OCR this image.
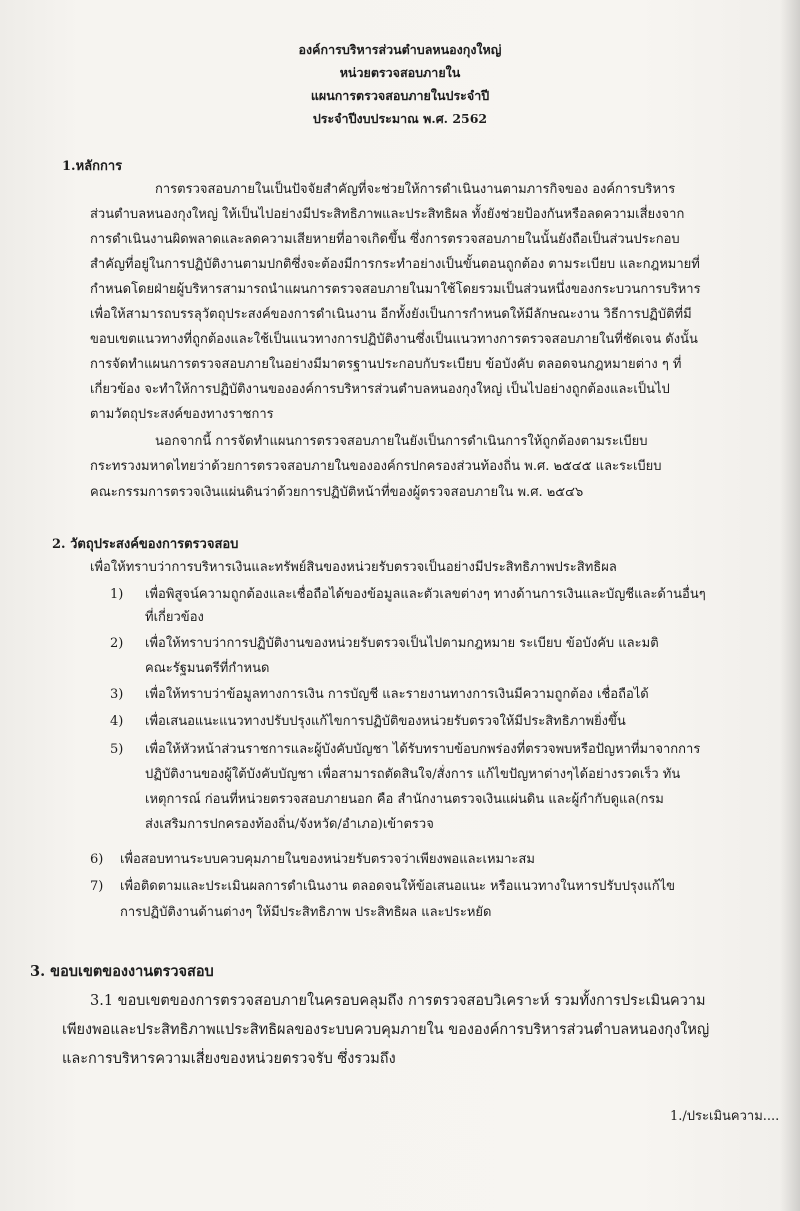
องค์การบริหารส่วนตำบลหนองกุงใหญ่
หน่วยตรวจสอบภายใน
แผนการตรวจสอบภายในประจำปี
ประจำปีงบประมาณ พ.ศ. 2562
1.หลักการ
การตรวจสอบภายในเป็นปัจจัยสำคัญที่จะช่วยให้การดำเนินงานตามภารกิจของ องค์การบริหาร
ส่วนตำบลหนองกุงใหญ่ ให้เป็นไปอย่างมีประสิทธิภาพและประสิทธิผล ทั้งยังช่วยป้องกันหรือลดความเสี่ยงจาก
การดำเนินงานผิดพลาดและลดความเสียหายที่อาจเกิดขึ้น ซึ่งการตรวจสอบภายในนั้นยังถือเป็นส่วนประกอบ
สำคัญที่อยู่ในการปฏิบัติงานตามปกติซึ่งจะต้องมีการกระทำอย่างเป็นขั้นตอนถูกต้อง ตามระเบียบ และกฎหมายที่
กำหนดโดยฝ่ายผู้บริหารสามารถนำแผนการตรวจสอบภายในมาใช้โดยรวมเป็นส่วนหนึ่งของกระบวนการบริหาร
เพื่อให้สามารถบรรลุวัตถุประสงค์ของการดำเนินงาน อีกทั้งยังเป็นการกำหนดให้มีลักษณะงาน วิธีการปฏิบัติที่มี
ขอบเขตแนวทางที่ถูกต้องและใช้เป็นแนวทางการปฏิบัติงานซึ่งเป็นแนวทางการตรวจสอบภายในที่ชัดเจน ดังนั้น
การจัดทำแผนการตรวจสอบภายในอย่างมีมาตรฐานประกอบกับระเบียบ ข้อบังคับ ตลอดจนกฎหมายต่าง ๆ ที่
เกี่ยวข้อง จะทำให้การปฏิบัติงานขององค์การบริหารส่วนตำบลหนองกุงใหญ่ เป็นไปอย่างถูกต้องและเป็นไป
ตามวัตถุประสงค์ของทางราชการ
นอกจากนี้ การจัดทำแผนการตรวจสอบภายในยังเป็นการดำเนินการให้ถูกต้องตามระเบียบ
กระทรวงมหาดไทยว่าด้วยการตรวจสอบภายในขององค์กรปกครองส่วนท้องถิ่น พ.ศ. ๒๕๔๕ และระเบียบ
คณะกรรมการตรวจเงินแผ่นดินว่าด้วยการปฏิบัติหน้าที่ของผู้ตรวจสอบภายใน พ.ศ. ๒๕๔๖
2. วัตถุประสงค์ของการตรวจสอบ
เพื่อให้ทราบว่าการบริหารเงินและทรัพย์สินของหน่วยรับตรวจเป็นอย่างมีประสิทธิภาพประสิทธิผล
1) เพื่อพิสูจน์ความถูกต้องและเชื่อถือได้ของข้อมูลและตัวเลขต่างๆ ทางด้านการเงินและบัญชีและด้านอื่นๆ
ที่เกี่ยวข้อง
2) เพื่อให้ทราบว่าการปฏิบัติงานของหน่วยรับตรวจเป็นไปตามกฎหมาย ระเบียบ ข้อบังคับ และมติ
คณะรัฐมนตรีที่กำหนด
3) เพื่อให้ทราบว่าข้อมูลทางการเงิน การบัญชี และรายงานทางการเงินมีความถูกต้อง เชื่อถือได้
4) เพื่อเสนอแนะแนวทางปรับปรุงแก้ไขการปฏิบัติของหน่วยรับตรวจให้มีประสิทธิภาพยิ่งขึ้น
5) เพื่อให้หัวหน้าส่วนราชการและผู้บังคับบัญชา ได้รับทราบข้อบกพร่องที่ตรวจพบหรือปัญหาที่มาจากการ
ปฏิบัติงานของผู้ใต้บังคับบัญชา เพื่อสามารถตัดสินใจ/สั่งการ แก้ไขปัญหาต่างๆได้อย่างรวดเร็ว ทัน
เหตุการณ์ ก่อนที่หน่วยตรวจสอบภายนอก คือ สำนักงานตรวจเงินแผ่นดิน และผู้กำกับดูแล(กรม
ส่งเสริมการปกครองท้องถิ่น/จังหวัด/อำเภอ)เข้าตรวจ
6) เพื่อสอบทานระบบควบคุมภายในของหน่วยรับตรวจว่าเพียงพอและเหมาะสม
7) เพื่อติดตามและประเมินผลการดำเนินงาน ตลอดจนให้ข้อเสนอแนะ หรือแนวทางในหารปรับปรุงแก้ไข
การปฏิบัติงานด้านต่างๆ ให้มีประสิทธิภาพ ประสิทธิผล และประหยัด
3. ขอบเขตของงานตรวจสอบ
3.1 ขอบเขตของการตรวจสอบภายในครอบคลุมถึง การตรวจสอบวิเคราะห์ รวมทั้งการประเมินความ
เพียงพอและประสิทธิภาพแประสิทธิผลของระบบควบคุมภายใน ขององค์การบริหารส่วนตำบลหนองกุงใหญ่
และการบริหารความเสี่ยงของหน่วยตรวจรับ ซึ่งรวมถึง
1./ประเมินความ....
